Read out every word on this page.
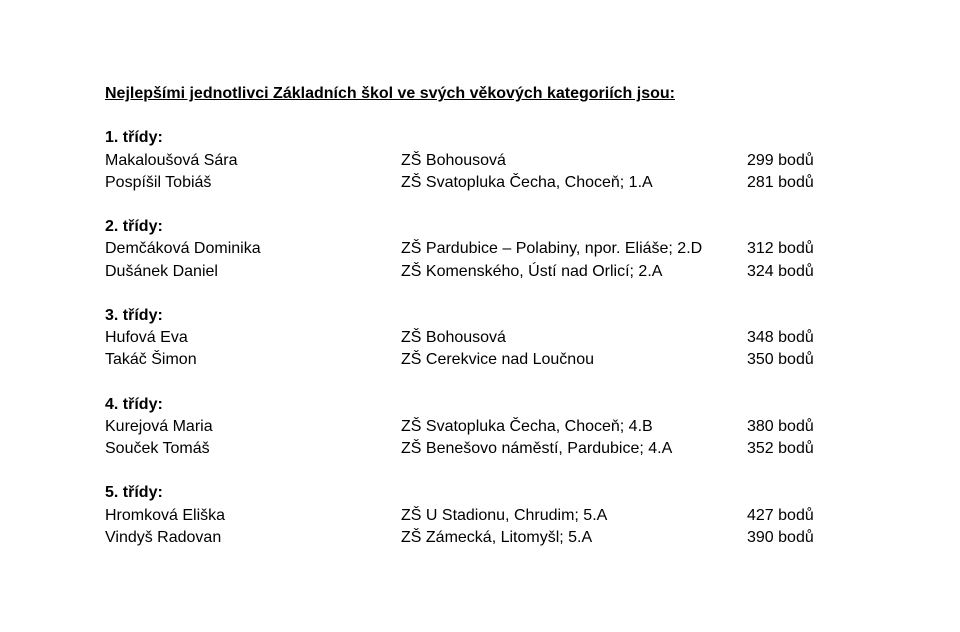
Nejlepšími jednotlivci Základních škol ve svých věkových kategoriích jsou:
1. třídy:
Makaloušová Sára	ZŠ Bohousová	299 bodů
Pospíšil Tobiáš	ZŠ Svatopluka Čecha, Choceň; 1.A	281 bodů
2. třídy:
Demčáková Dominika	ZŠ Pardubice – Polabiny, npor. Eliáše; 2.D	312 bodů
Dušánek Daniel	ZŠ Komenského, Ústí nad Orlicí; 2.A	324 bodů
3. třídy:
Hufová Eva	ZŠ Bohousová	348 bodů
Takáč Šimon	ZŠ Cerekvice nad Loučnou	350 bodů
4. třídy:
Kurejová Maria	ZŠ Svatopluka Čecha, Choceň; 4.B	380 bodů
Souček Tomáš	ZŠ Benešovo náměstí, Pardubice; 4.A	352 bodů
5. třídy:
Hromková Eliška	ZŠ U Stadionu, Chrudim; 5.A	427 bodů
Vindyš Radovan	ZŠ Zámecká, Litomyšl; 5.A	390 bodů
